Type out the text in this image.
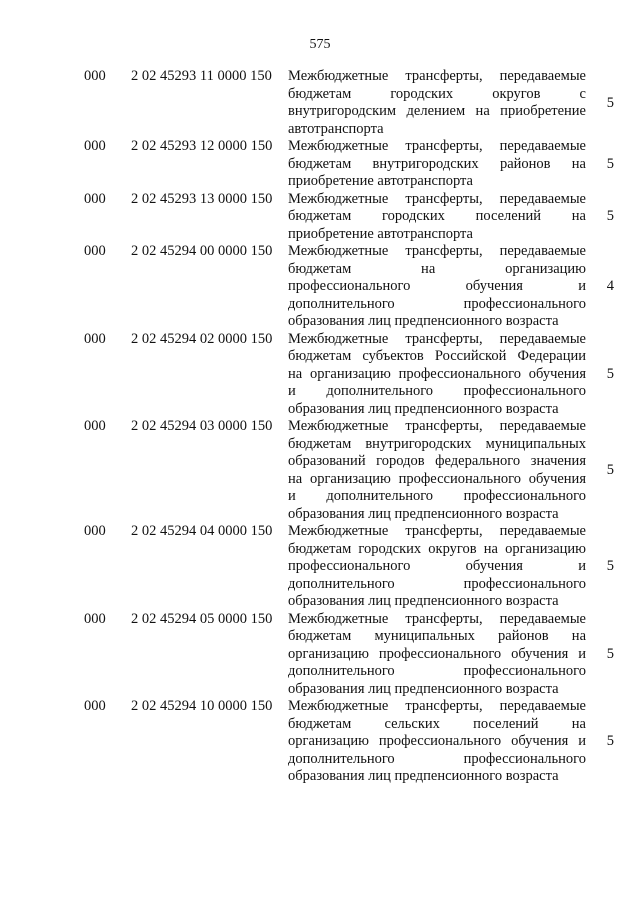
575
000	2 02 45293 11 0000 150	Межбюджетные трансферты, передаваемые
бюджетам городских округов с
внутригородским делением на приобретение
автотранспорта
5
000	2 02 45293 12 0000 150	Межбюджетные трансферты, передаваемые
бюджетам внутригородских районов на
приобретение автотранспорта
5
000	2 02 45293 13 0000 150	Межбюджетные трансферты, передаваемые
бюджетам городских поселений на
приобретение автотранспорта
5
000	2 02 45294 00 0000 150	Межбюджетные трансферты, передаваемые
бюджетам на организацию
профессионального обучения и
дополнительного профессионального
образования лиц предпенсионного возраста
4
000	2 02 45294 02 0000 150	Межбюджетные трансферты, передаваемые
бюджетам субъектов Российской Федерации
на организацию профессионального обучения
и дополнительного профессионального
образования лиц предпенсионного возраста
5
000	2 02 45294 03 0000 150	Межбюджетные трансферты, передаваемые
бюджетам внутригородских муниципальных
образований городов федерального значения
на организацию профессионального обучения
и дополнительного профессионального
образования лиц предпенсионного возраста
5
000	2 02 45294 04 0000 150	Межбюджетные трансферты, передаваемые
бюджетам городских округов на организацию
профессионального обучения и
дополнительного профессионального
образования лиц предпенсионного возраста
5
000	2 02 45294 05 0000 150	Межбюджетные трансферты, передаваемые
бюджетам муниципальных районов на
организацию профессионального обучения и
дополнительного профессионального
образования лиц предпенсионного возраста
5
000	2 02 45294 10 0000 150	Межбюджетные трансферты, передаваемые
бюджетам сельских поселений на
организацию профессионального обучения и
дополнительного профессионального
образования лиц предпенсионного возраста
5
